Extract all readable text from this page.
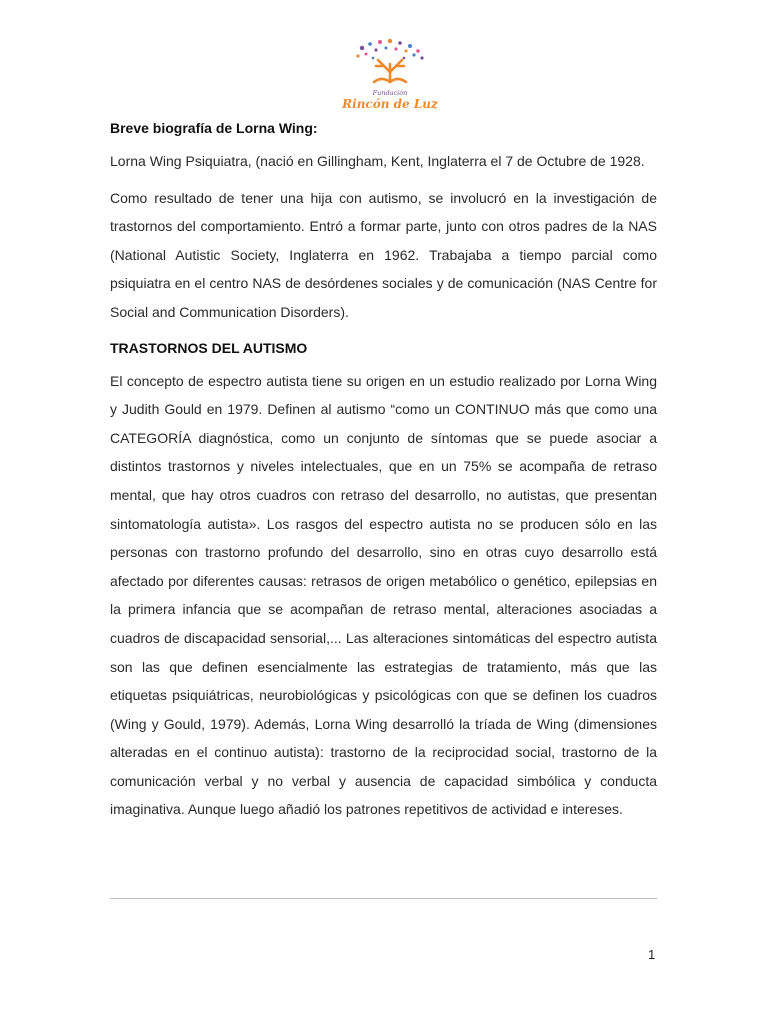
Fundación
Rincón de Luz

Breve biografía de Lorna Wing:

Lorna Wing Psiquiatra, (nació en Gillingham, Kent, Inglaterra el 7 de Octubre de 1928.

Como resultado de tener una hija con autismo, se involucró en la investigación de trastornos del comportamiento. Entró a formar parte, junto con otros padres de la NAS (National Autistic Society, Inglaterra en 1962. Trabajaba a tiempo parcial como psiquiatra en el centro NAS de desórdenes sociales y de comunicación (NAS Centre for Social and Communication Disorders).

TRASTORNOS DEL AUTISMO

El concepto de espectro autista tiene su origen en un estudio realizado por Lorna Wing y Judith Gould en 1979. Definen al autismo “como un CONTINUO más que como una CATEGORÍA diagnóstica, como un conjunto de síntomas que se puede asociar a distintos trastornos y niveles intelectuales, que en un 75% se acompaña de retraso mental, que hay otros cuadros con retraso del desarrollo, no autistas, que presentan sintomatología autista». Los rasgos del espectro autista no se producen sólo en las personas con trastorno profundo del desarrollo, sino en otras cuyo desarrollo está afectado por diferentes causas: retrasos de origen metabólico o genético, epilepsias en la primera infancia que se acompañan de retraso mental, alteraciones asociadas a cuadros de discapacidad sensorial,... Las alteraciones sintomáticas del espectro autista son las que definen esencialmente las estrategias de tratamiento, más que las etiquetas psiquiátricas, neurobiológicas y psicológicas con que se definen los cuadros (Wing y Gould, 1979). Además, Lorna Wing desarrolló la tríada de Wing (dimensiones alteradas en el continuo autista): trastorno de la reciprocidad social, trastorno de la comunicación verbal y no verbal y ausencia de capacidad simbólica y conducta imaginativa. Aunque luego añadió los patrones repetitivos de actividad e intereses.

1
